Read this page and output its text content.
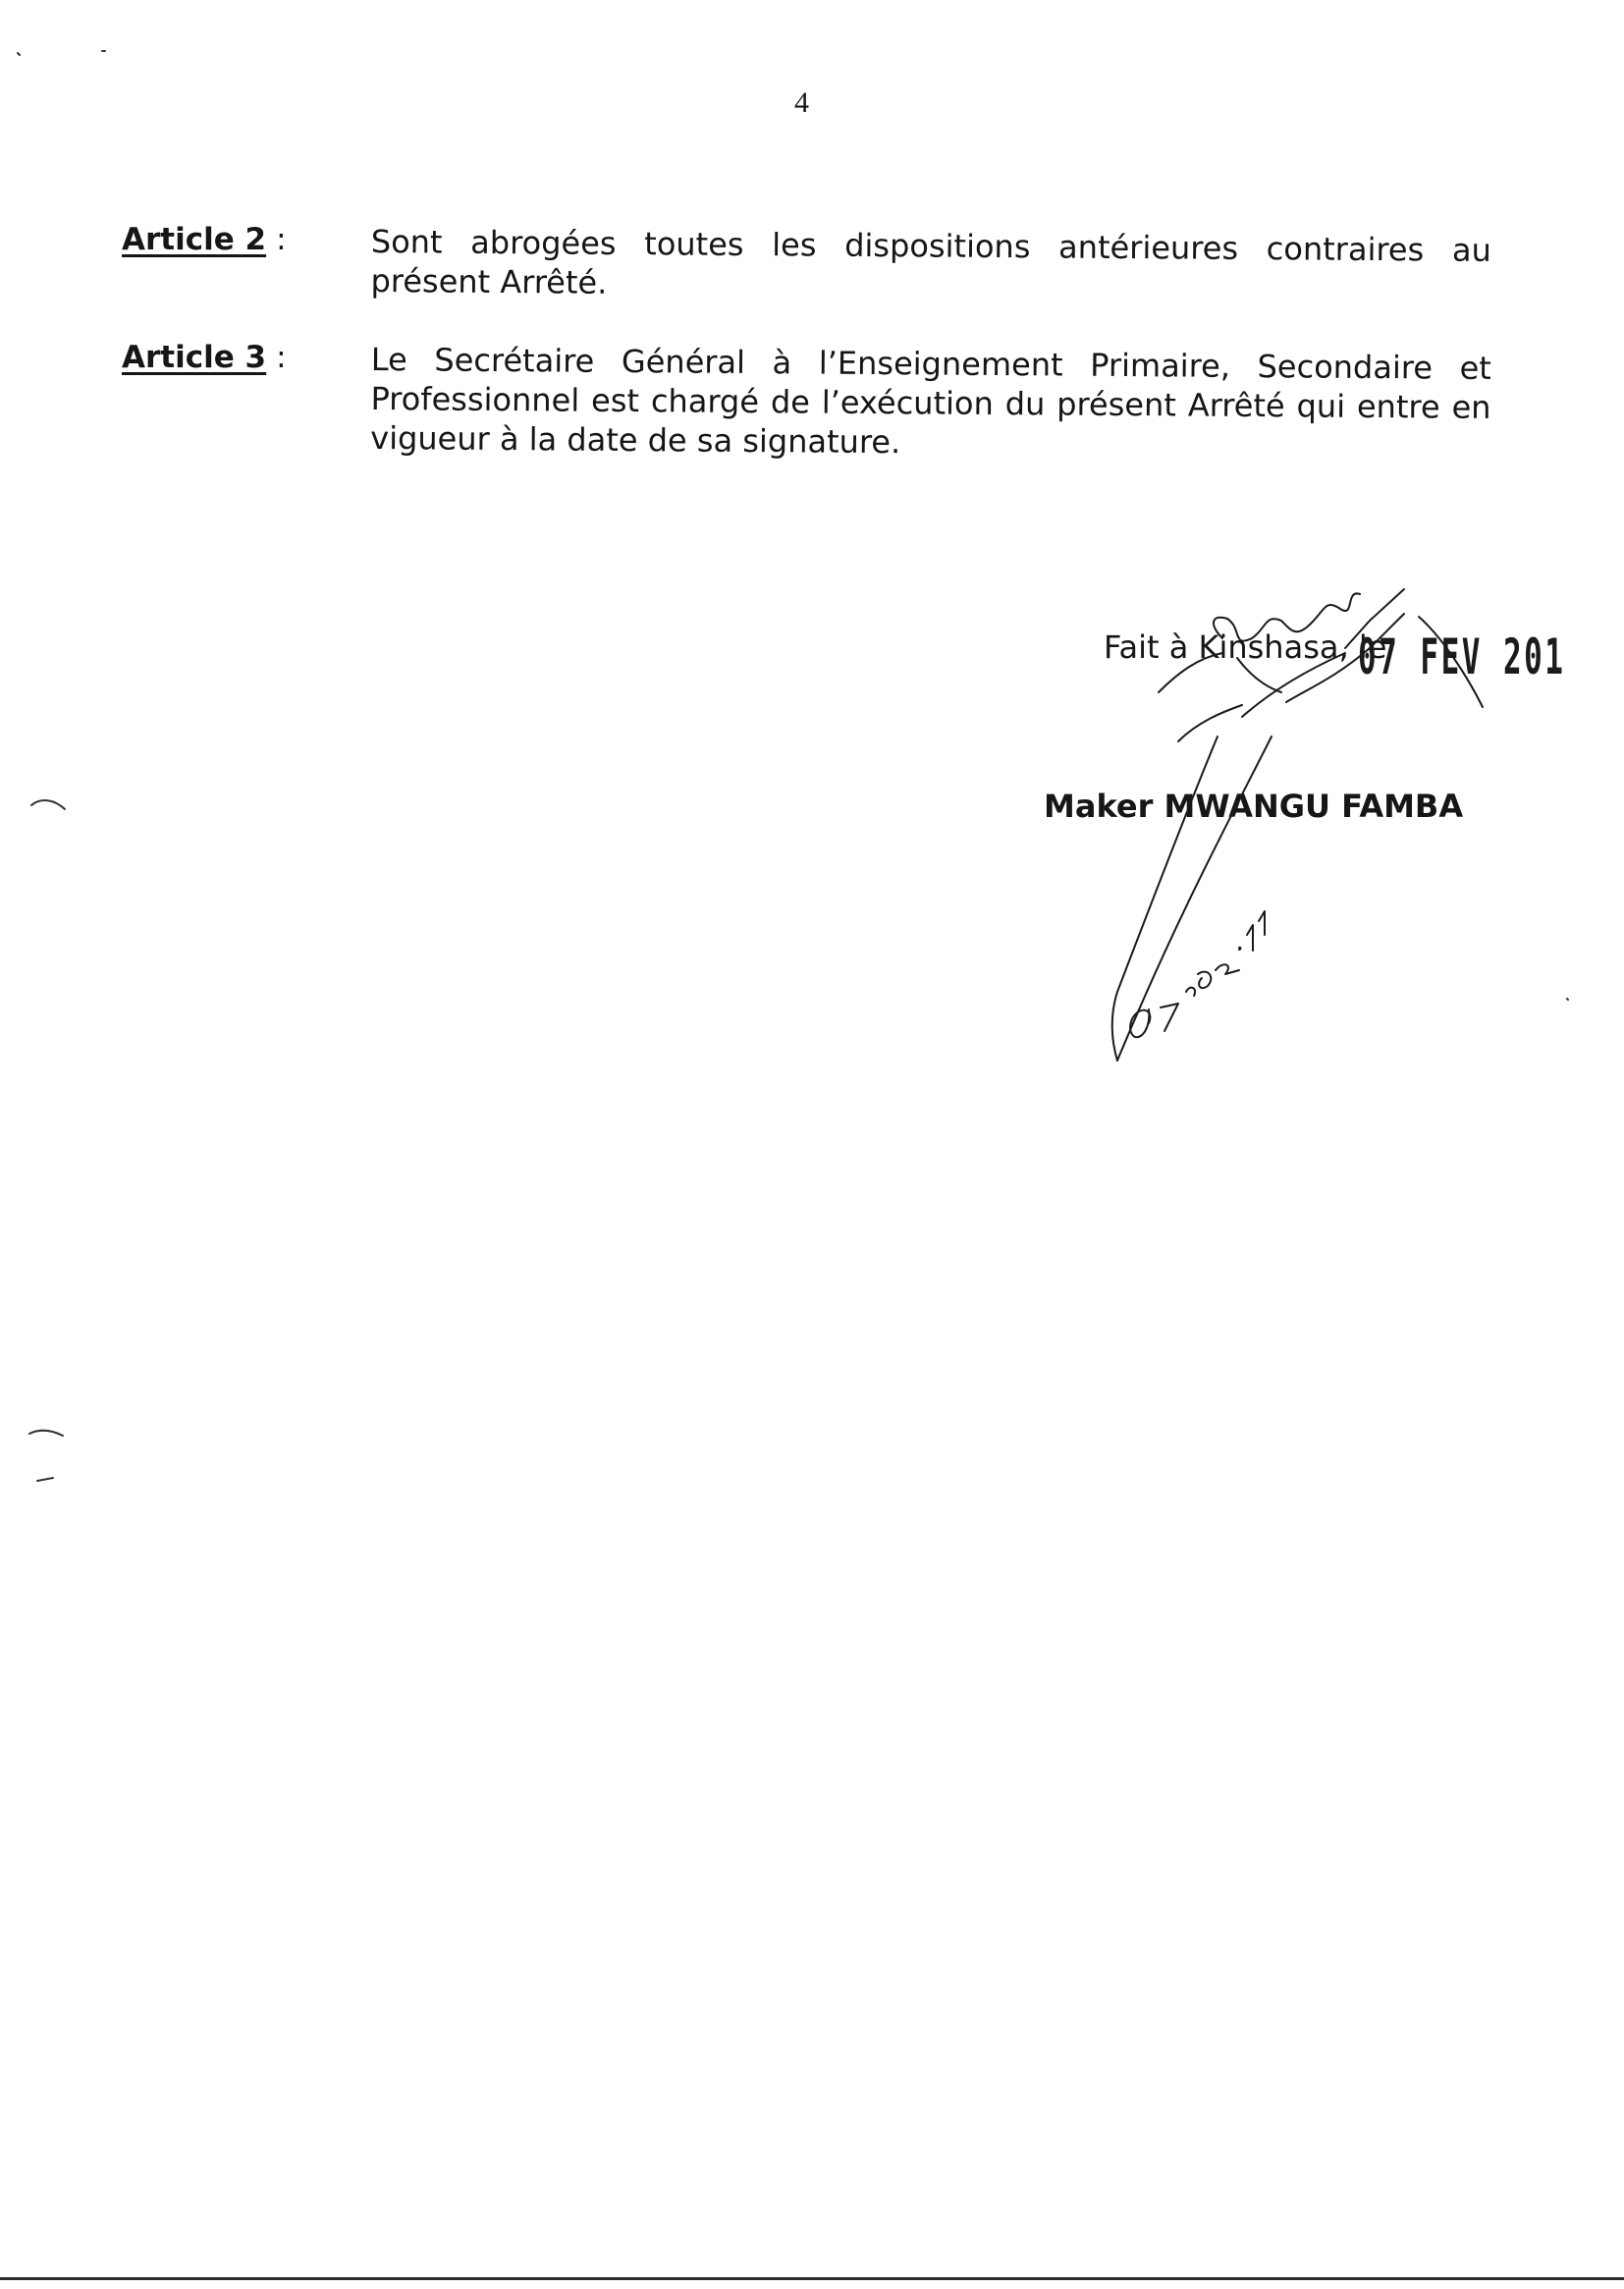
4
Article 2 :	Sont abrogées toutes les dispositions antérieures contraires au présent Arrêté.
Article 3 :	Le Secrétaire Général à l’Enseignement Primaire, Secondaire et Professionnel est chargé de l’exécution du présent Arrêté qui entre en vigueur à la date de sa signature.
Fait à Kinshasa, le
07 FEV 201
Maker MWANGU FAMBA
